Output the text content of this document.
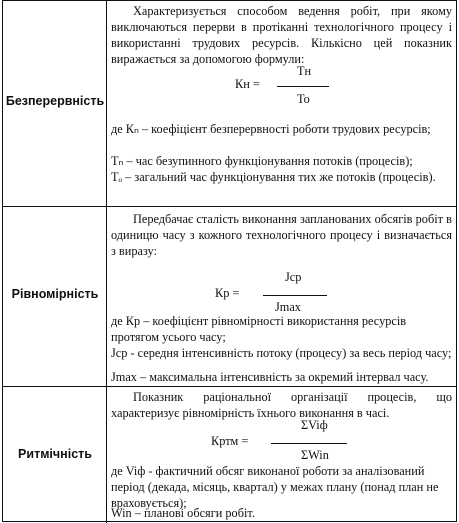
Безперервність

Характеризується способом ведення робіт, при якому виключаються перерви в протіканні технологічного процесу і використанні трудових ресурсів. Кількісно цей показник виражається за допомогою формули:

Тн
Кн =
То

де Кₙ – коефіцієнт безперервності роботи трудових ресурсів;

Тₙ – час безупинного функціонування потоків (процесів);

Тₒ – загальний час функціонування тих же потоків (процесів).

Рівномірність

Передбачає сталість виконання запланованих обсягів робіт в одиницю часу з кожного технологічного процесу і визначається з виразу:

Jср
Кр =
Jmax

де Кр – коефіцієнт рівномірності використання ресурсів протягом усього часу;

Jср - середня інтенсивність потоку (процесу) за весь період часу;

Jmax – максимальна інтенсивність за окремий інтервал часу.

Ритмічність

Показник раціональної організації процесів, що характеризує рівномірність їхнього виконання в часі.

ΣViф
Кртм =
ΣWin

де Viф - фактичний обсяг виконаної роботи за аналізований період (декада, місяць, квартал) у межах плану (понад план не враховується);

Win – планові обсяги робіт.
